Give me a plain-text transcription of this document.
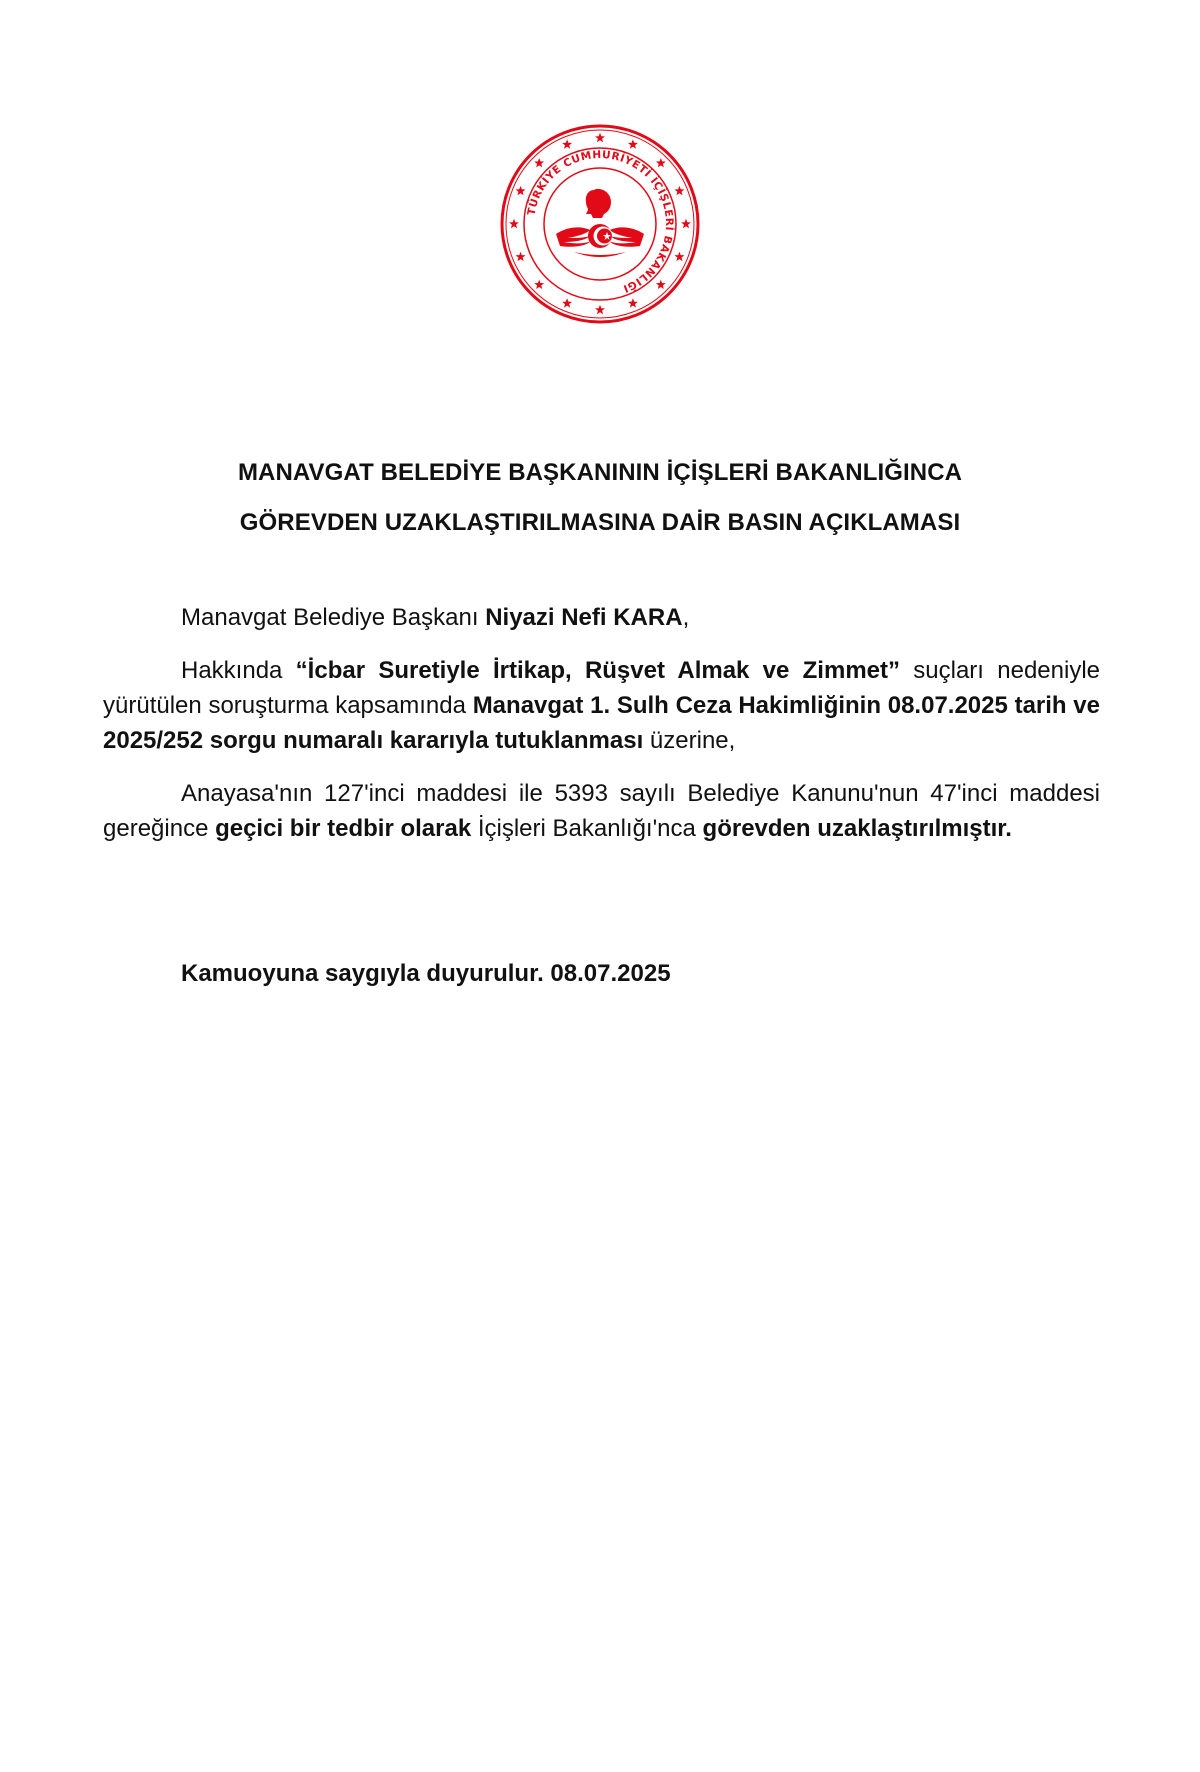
TÜRKİYE CUMHURİYETİ İÇİŞLERİ BAKANLIĞI
MANAVGAT BELEDİYE BAŞKANININ İÇİŞLERİ BAKANLIĞINCA
GÖREVDEN UZAKLAŞTIRILMASINA DAİR BASIN AÇIKLAMASI

Manavgat Belediye Başkanı Niyazi Nefi KARA,

Hakkında “İcbar Suretiyle İrtikap, Rüşvet Almak ve Zimmet” suçları nedeniyle yürütülen soruşturma kapsamında Manavgat 1. Sulh Ceza Hakimliğinin 08.07.2025 tarih ve 2025/252 sorgu numaralı kararıyla tutuklanması üzerine,

Anayasa'nın 127'inci maddesi ile 5393 sayılı Belediye Kanunu'nun 47'inci maddesi gereğince geçici bir tedbir olarak İçişleri Bakanlığı'nca görevden uzaklaştırılmıştır.

Kamuoyuna saygıyla duyurulur. 08.07.2025
